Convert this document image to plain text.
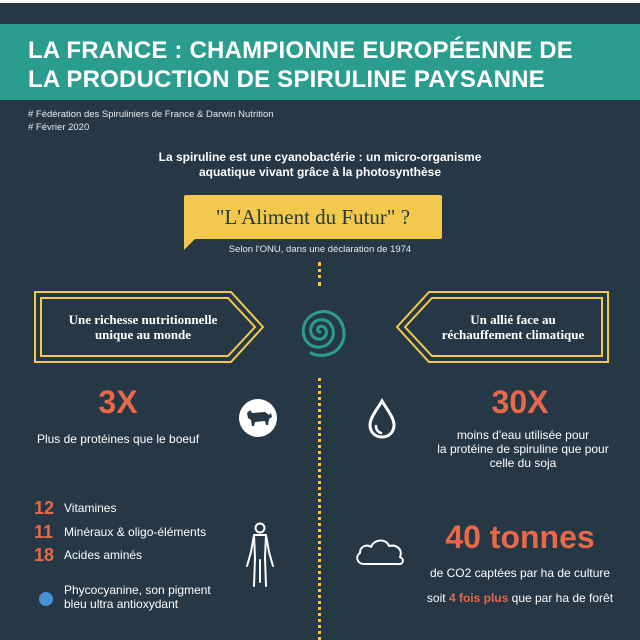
LA FRANCE : CHAMPIONNE EUROPÉENNE DE
LA PRODUCTION DE SPIRULINE PAYSANNE
# Fédération des Spiruliniers de France & Darwin Nutrition
# Février 2020
La spiruline est une cyanobactérie : un micro-organisme
aquatique vivant grâce à la photosynthèse
"L'Aliment du Futur" ?
Selon l'ONU, dans une déclaration de 1974
Une richesse nutritionnelle
unique au monde
Un allié face au
réchauffement climatique
3X
Plus de protéines que le boeuf
30X
moins d'eau utilisée pour
la protéine de spiruline que pour
celle du soja
12 Vitamines
11 Minéraux & oligo-éléments
18 Acides aminés
Phycocyanine, son pigment
bleu ultra antioxydant
40 tonnes
de CO2 captées par ha de culture
soit 4 fois plus que par ha de forêt
